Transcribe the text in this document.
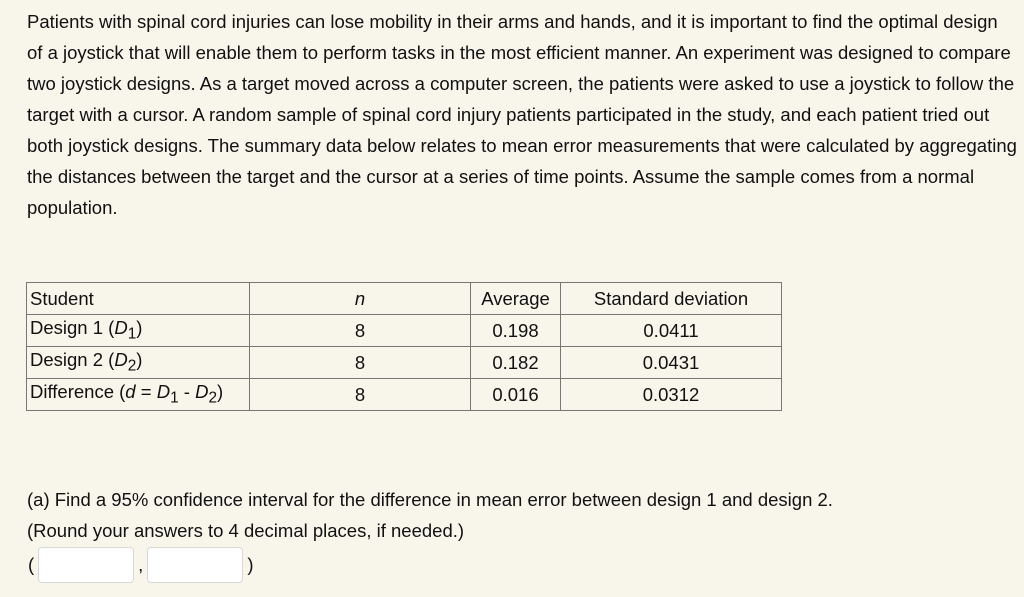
Patients with spinal cord injuries can lose mobility in their arms and hands, and it is important to find the optimal design of a joystick that will enable them to perform tasks in the most efficient manner. An experiment was designed to compare two joystick designs. As a target moved across a computer screen, the patients were asked to use a joystick to follow the target with a cursor. A random sample of spinal cord injury patients participated in the study, and each patient tried out both joystick designs. The summary data below relates to mean error measurements that were calculated by aggregating the distances between the target and the cursor at a series of time points. Assume the sample comes from a normal population.

Student	n	Average	Standard deviation
Design 1 $(D_1)$	8	0.198	0.0411
Design 2 $(D_2)$	8	0.182	0.0431
Difference $(d = D_1 - D_2)$	8	0.016	0.0312

(a) Find a 95% confidence interval for the difference in mean error between design 1 and design 2.
(Round your answers to 4 decimal places, if needed.)

(	,	)
